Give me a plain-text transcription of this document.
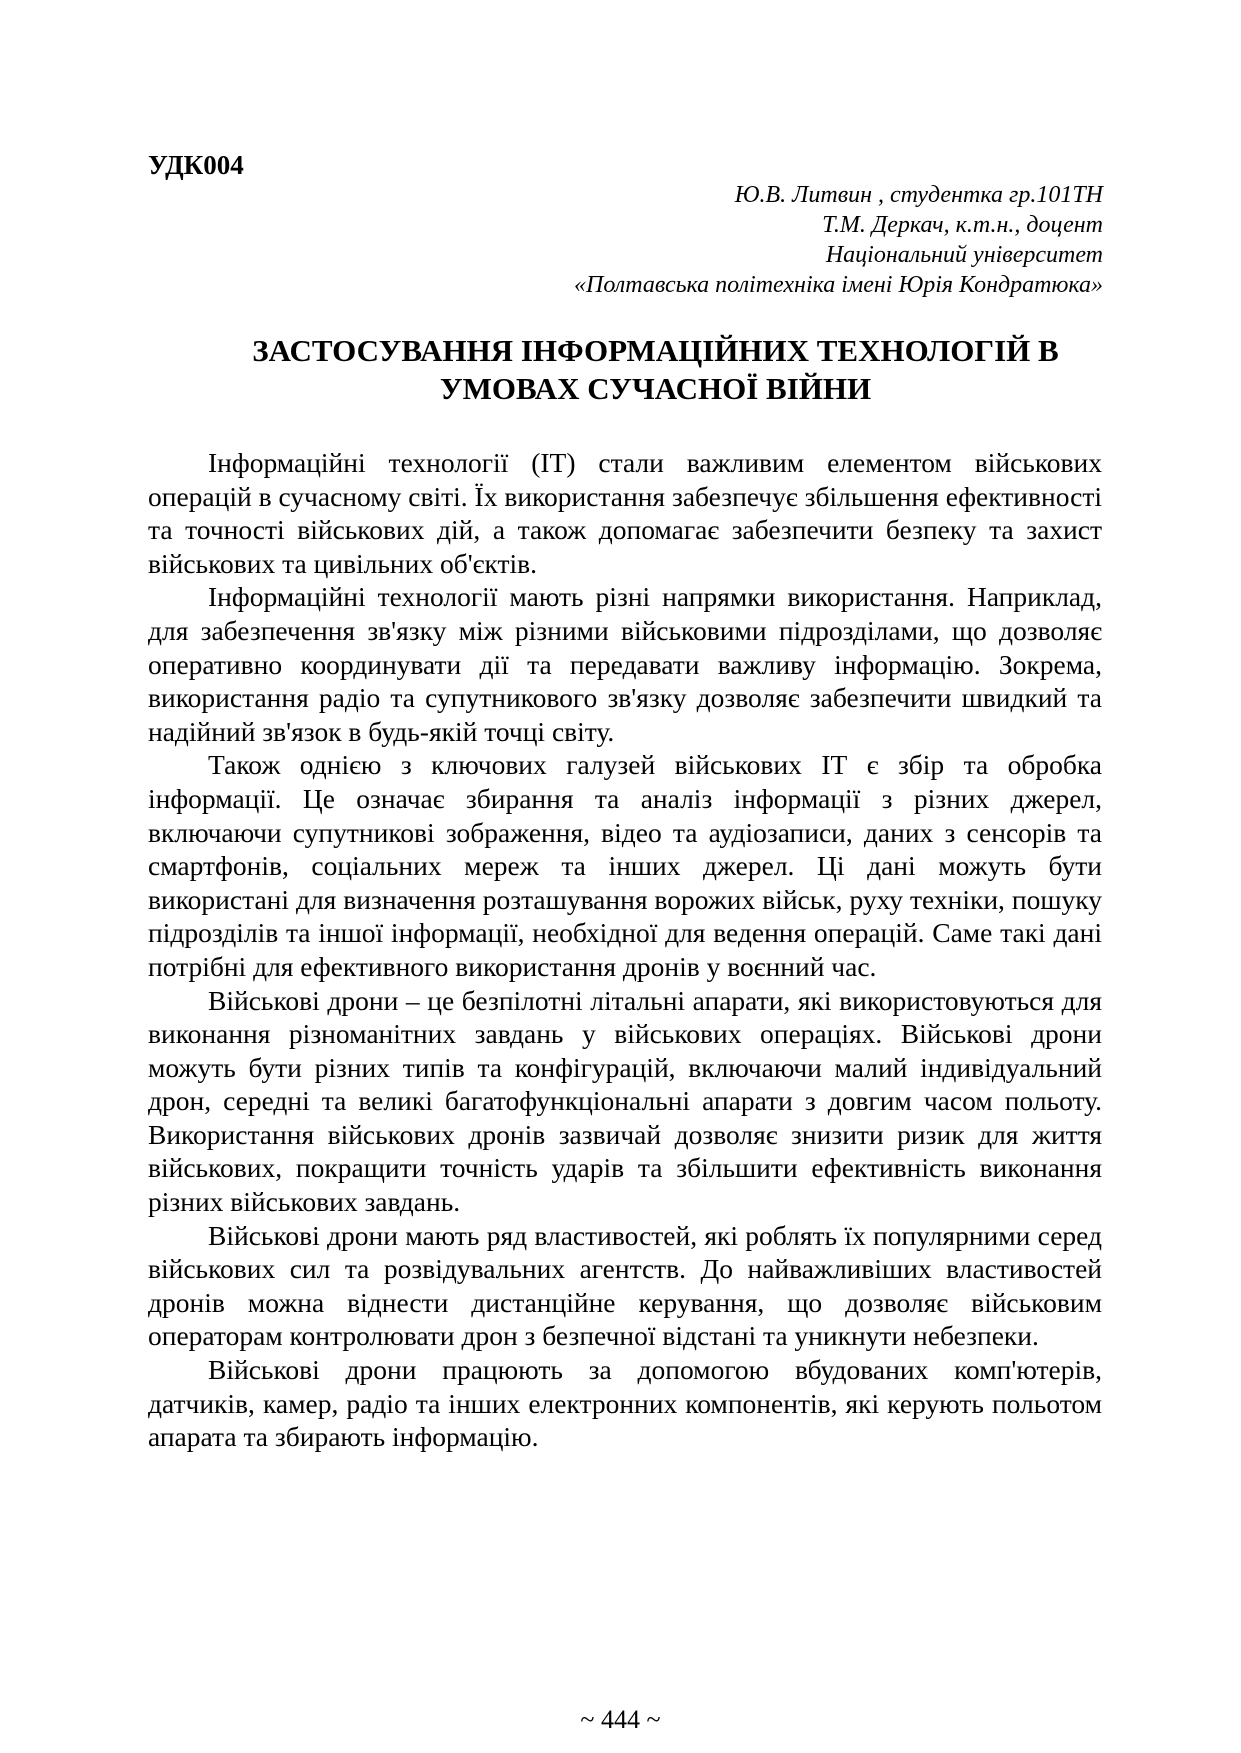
УДК004
Ю.В. Литвин , студентка гр.101ТН
Т.М. Деркач, к.т.н., доцент
Національний університет
«Полтавська політехніка імені Юрія Кондратюка»
ЗАСТОСУВАННЯ ІНФОРМАЦІЙНИХ ТЕХНОЛОГІЙ В
УМОВАХ СУЧАСНОЇ ВІЙНИ

Інформаційні технології (ІТ) стали важливим елементом військових операцій в сучасному світі. Їх використання забезпечує збільшення ефективності та точності військових дій, а також допомагає забезпечити безпеку та захист військових та цивільних об'єктів.

Інформаційні технології мають різні напрямки використання. Наприклад, для забезпечення зв'язку між різними військовими підрозділами, що дозволяє оперативно координувати дії та передавати важливу інформацію. Зокрема, використання радіо та супутникового зв'язку дозволяє забезпечити швидкий та надійний зв'язок в будь-якій точці світу.

Також однією з ключових галузей військових ІТ є збір та обробка інформації. Це означає збирання та аналіз інформації з різних джерел, включаючи супутникові зображення, відео та аудіозаписи, даних з сенсорів та смартфонів, соціальних мереж та інших джерел. Ці дані можуть бути використані для визначення розташування ворожих військ, руху техніки, пошуку підрозділів та іншої інформації, необхідної для ведення операцій. Саме такі дані потрібні для ефективного використання дронів у воєнний час.

Військові дрони – це безпілотні літальні апарати, які використовуються для виконання різноманітних завдань у військових операціях. Військові дрони можуть бути різних типів та конфігурацій, включаючи малий індивідуальний дрон, середні та великі багатофункціональні апарати з довгим часом польоту. Використання військових дронів зазвичай дозволяє знизити ризик для життя військових, покращити точність ударів та збільшити ефективність виконання різних військових завдань.

Військові дрони мають ряд властивостей, які роблять їх популярними серед військових сил та розвідувальних агентств. До найважливіших властивостей дронів можна віднести дистанційне керування, що дозволяє військовим операторам контролювати дрон з безпечної відстані та уникнути небезпеки.

Військові дрони працюють за допомогою вбудованих комп'ютерів, датчиків, камер, радіо та інших електронних компонентів, які керують польотом апарата та збирають інформацію.

~ 444 ~
